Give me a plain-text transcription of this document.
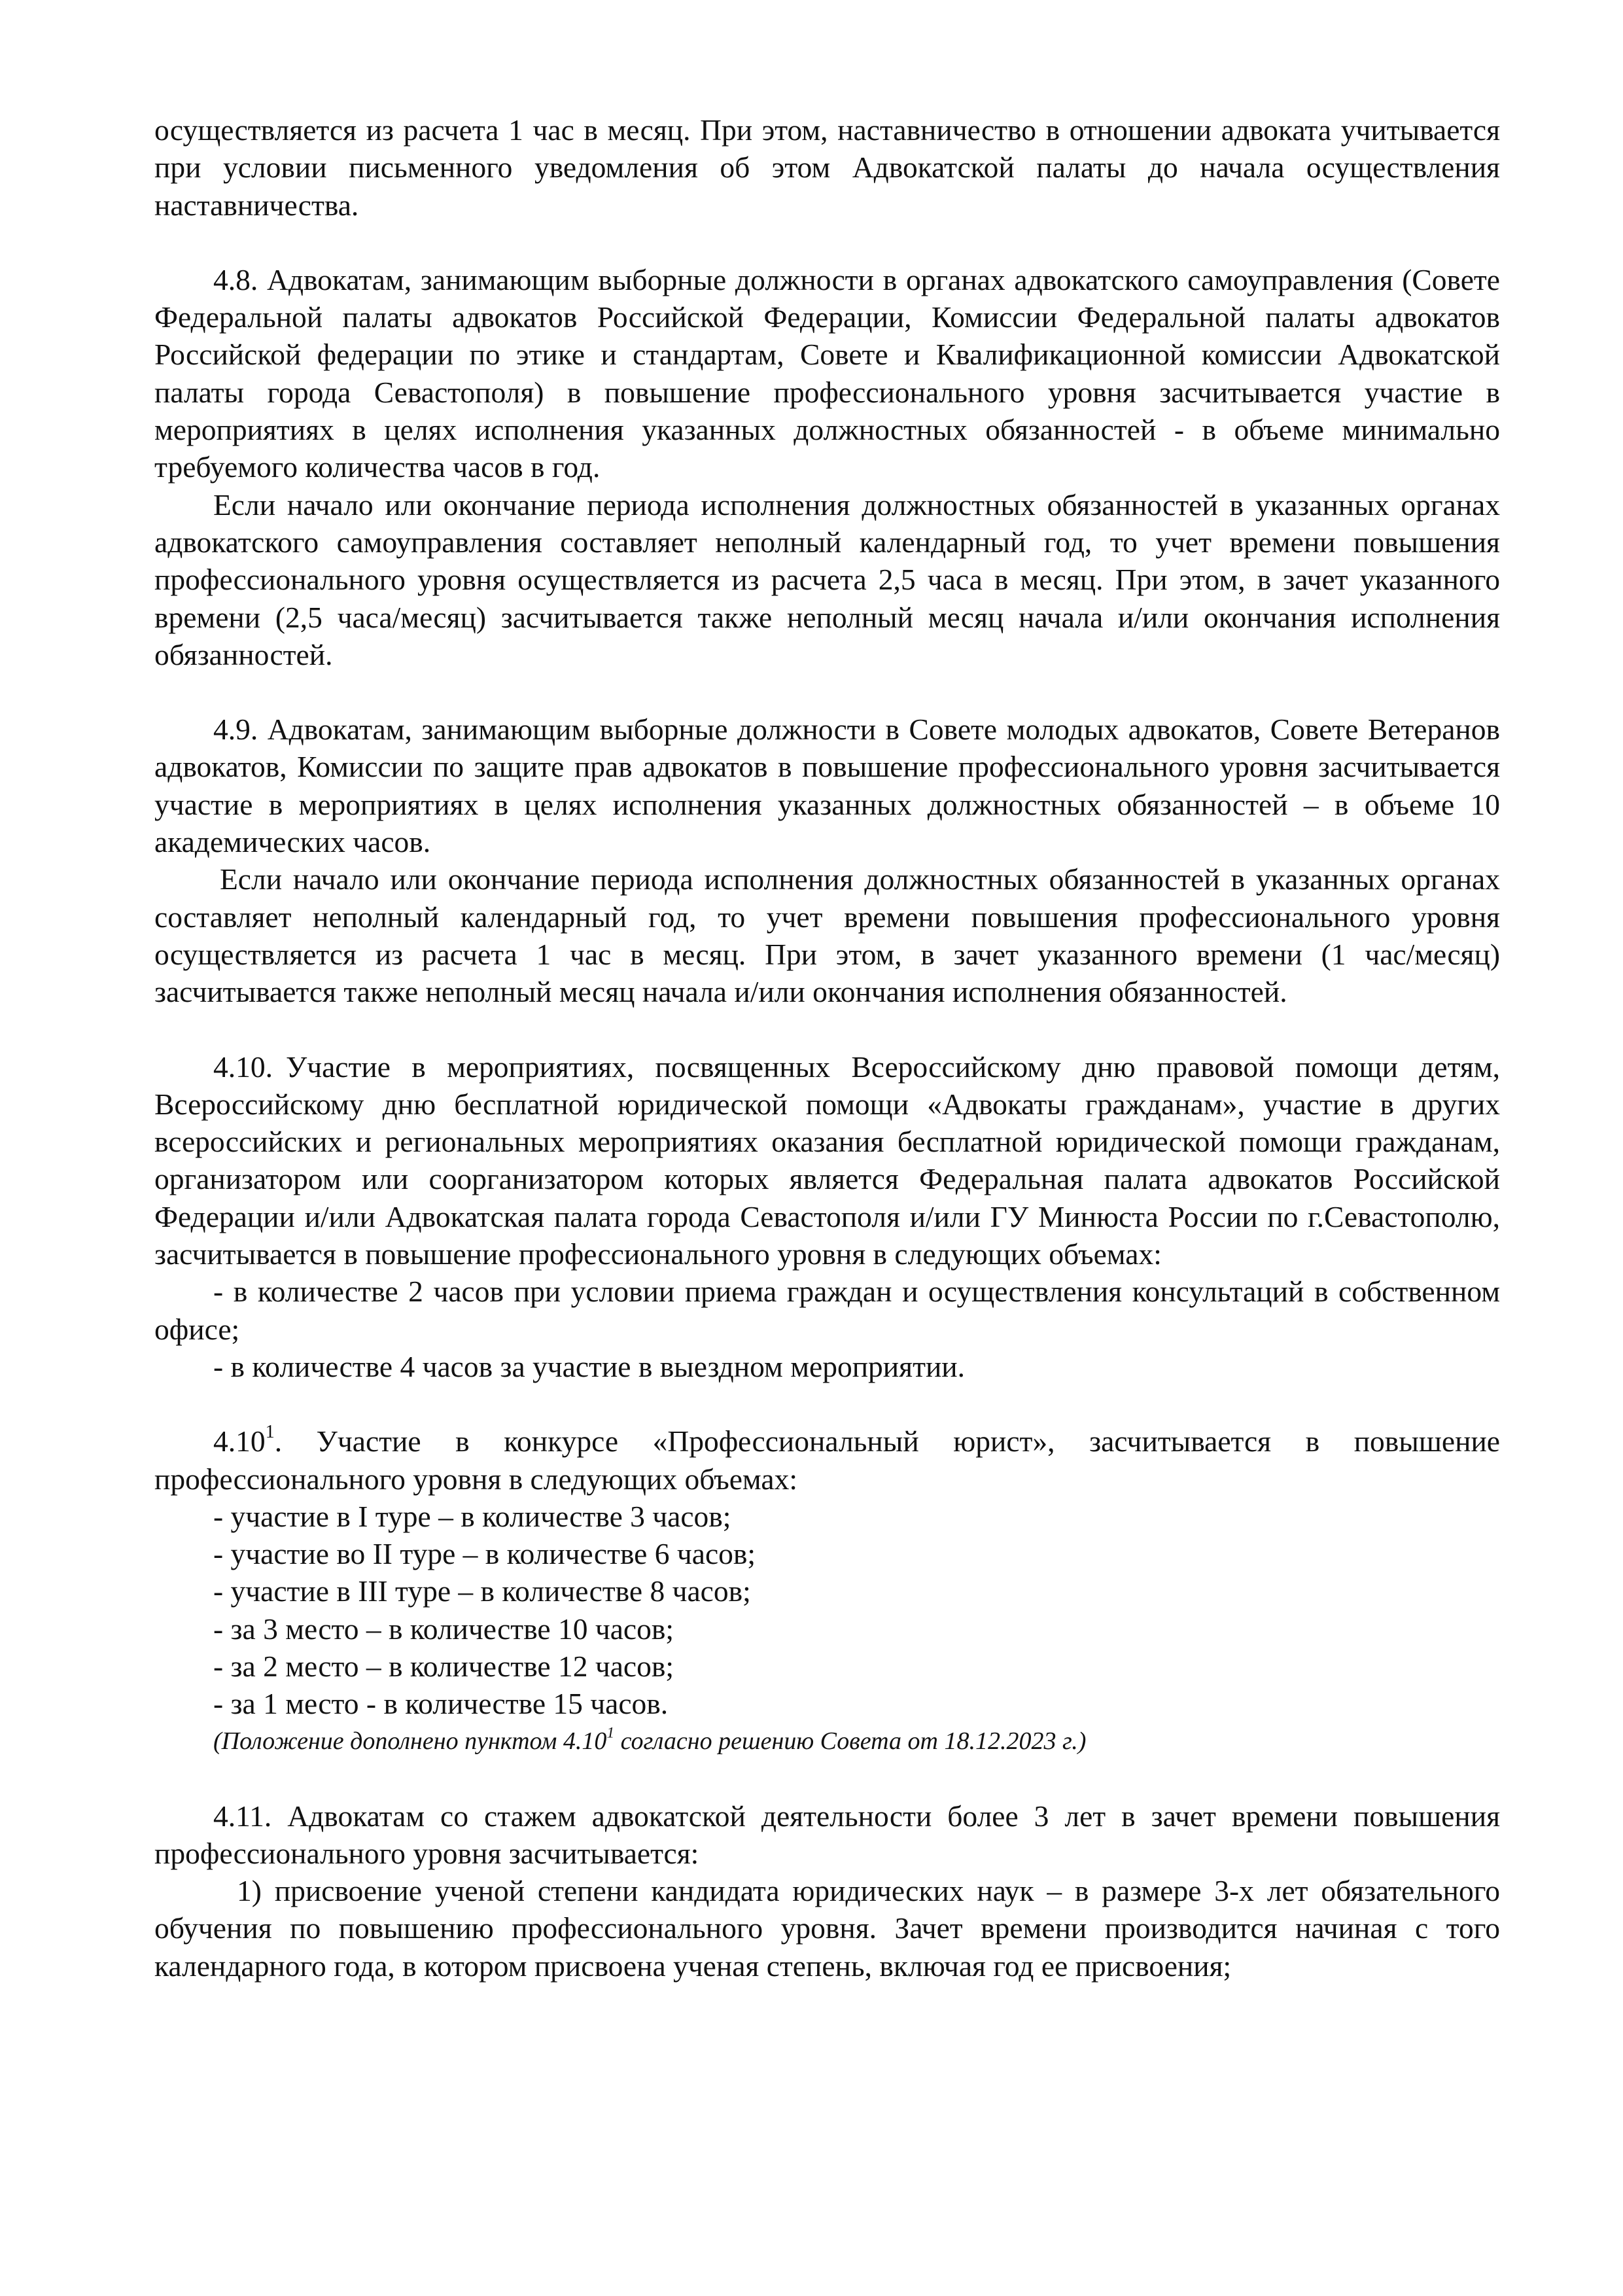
осуществляется из расчета 1 час в месяц. При этом, наставничество в отношении адвоката учитывается при условии письменного уведомления об этом Адвокатской палаты до начала осуществления наставничества.

4.8. Адвокатам, занимающим выборные должности в органах адвокатского самоуправления (Совете Федеральной палаты адвокатов Российской Федерации, Комиссии Федеральной палаты адвокатов Российской федерации по этике и стандартам, Совете и Квалификационной комиссии Адвокатской палаты города Севастополя) в повышение профессионального уровня засчитывается участие в мероприятиях в целях исполнения указанных должностных обязанностей - в объеме минимально требуемого количества часов в год.

Если начало или окончание периода исполнения должностных обязанностей в указанных органах адвокатского самоуправления составляет неполный календарный год, то учет времени повышения профессионального уровня осуществляется из расчета 2,5 часа в месяц. При этом, в зачет указанного времени (2,5 часа/месяц) засчитывается также неполный месяц начала и/или окончания исполнения обязанностей.

4.9. Адвокатам, занимающим выборные должности в Совете молодых адвокатов, Совете Ветеранов адвокатов, Комиссии по защите прав адвокатов в повышение профессионального уровня засчитывается участие в мероприятиях в целях исполнения указанных должностных обязанностей – в объеме 10 академических часов.

Если начало или окончание периода исполнения должностных обязанностей в указанных органах составляет неполный календарный год, то учет времени повышения профессионального уровня осуществляется из расчета 1 час в месяц. При этом, в зачет указанного времени (1 час/месяц) засчитывается также неполный месяц начала и/или окончания исполнения обязанностей.

4.10. Участие в мероприятиях, посвященных Всероссийскому дню правовой помощи детям, Всероссийскому дню бесплатной юридической помощи «Адвокаты гражданам», участие в других всероссийских и региональных мероприятиях оказания бесплатной юридической помощи гражданам, организатором или соорганизатором которых является Федеральная палата адвокатов Российской Федерации и/или Адвокатская палата города Севастополя и/или ГУ Минюста России по г.Севастополю, засчитывается в повышение профессионального уровня в следующих объемах:

- в количестве 2 часов при условии приема граждан и осуществления консультаций в собственном офисе;

- в количестве 4 часов за участие в выездном мероприятии.

4.10$^1$. Участие в конкурсе «Профессиональный юрист», засчитывается в повышение профессионального уровня в следующих объемах:

- участие в I туре – в количестве 3 часов;

- участие во II туре – в количестве 6 часов;

- участие в III туре – в количестве 8 часов;

- за 3 место – в количестве 10 часов;

- за 2 место – в количестве 12 часов;

- за 1 место - в количестве 15 часов.

(Положение дополнено пунктом 4.10$^1$ согласно решению Совета от 18.12.2023 г.)

4.11. Адвокатам со стажем адвокатской деятельности более 3 лет в зачет времени повышения профессионального уровня засчитывается:

1) присвоение ученой степени кандидата юридических наук – в размере 3-х лет обязательного обучения по повышению профессионального уровня. Зачет времени производится начиная с того календарного года, в котором присвоена ученая степень, включая год ее присвоения;
